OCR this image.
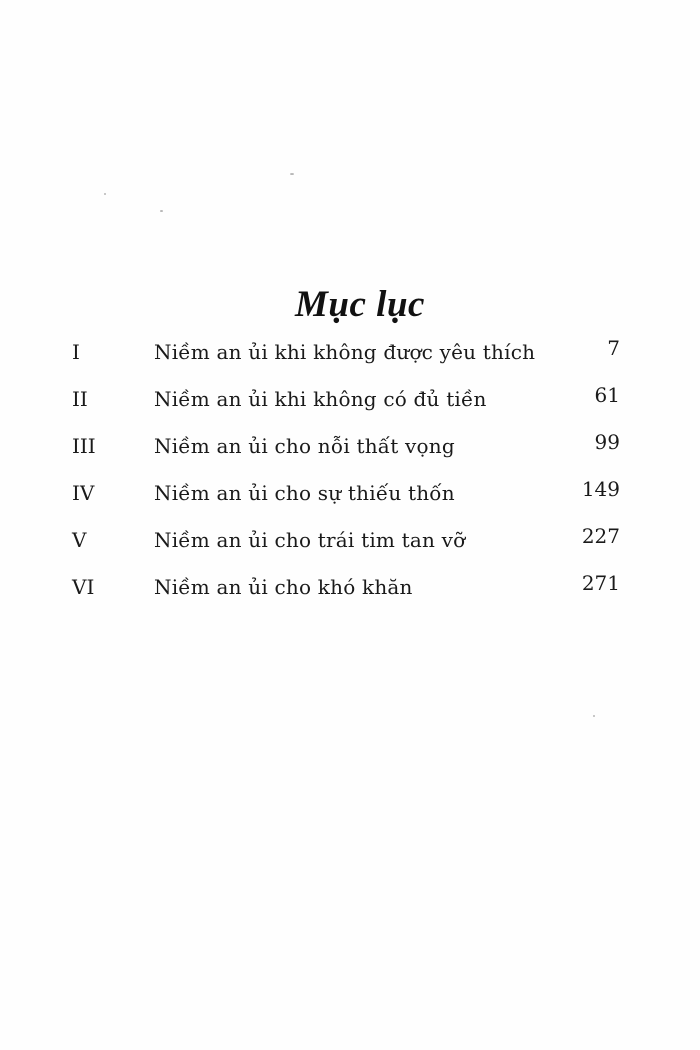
Mục lục
I	Niềm an ủi khi không được yêu thích	7
II	Niềm an ủi khi không có đủ tiền	61
III	Niềm an ủi cho nỗi thất vọng	99
IV	Niềm an ủi cho sự thiếu thốn	149
V	Niềm an ủi cho trái tim tan vỡ	227
VI	Niềm an ủi cho khó khăn	271
